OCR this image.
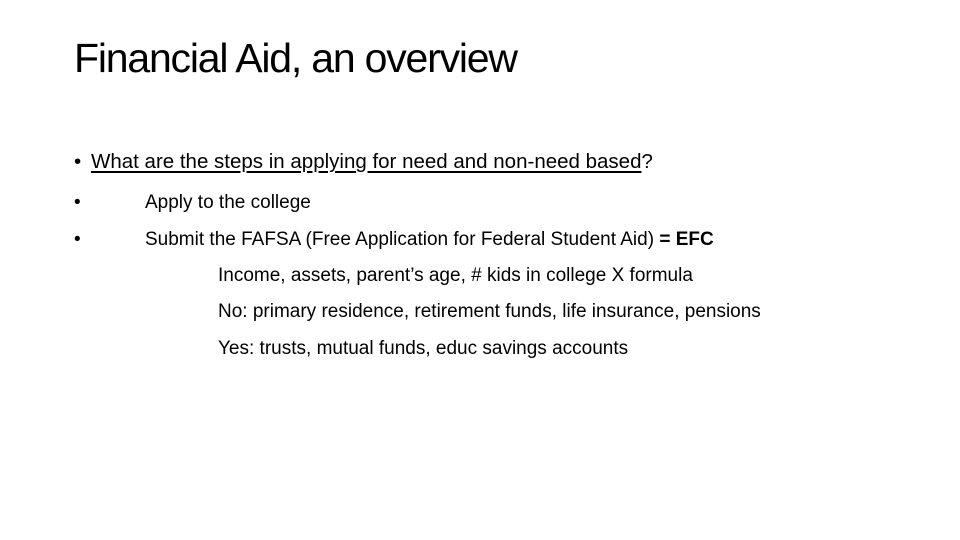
Financial Aid, an overview
• What are the steps in applying for need and non-need based?
•	Apply to the college
•	Submit the FAFSA (Free Application for Federal Student Aid) = EFC
Income, assets, parent’s age, # kids in college X formula
No: primary residence, retirement funds, life insurance, pensions
Yes: trusts, mutual funds, educ savings accounts
